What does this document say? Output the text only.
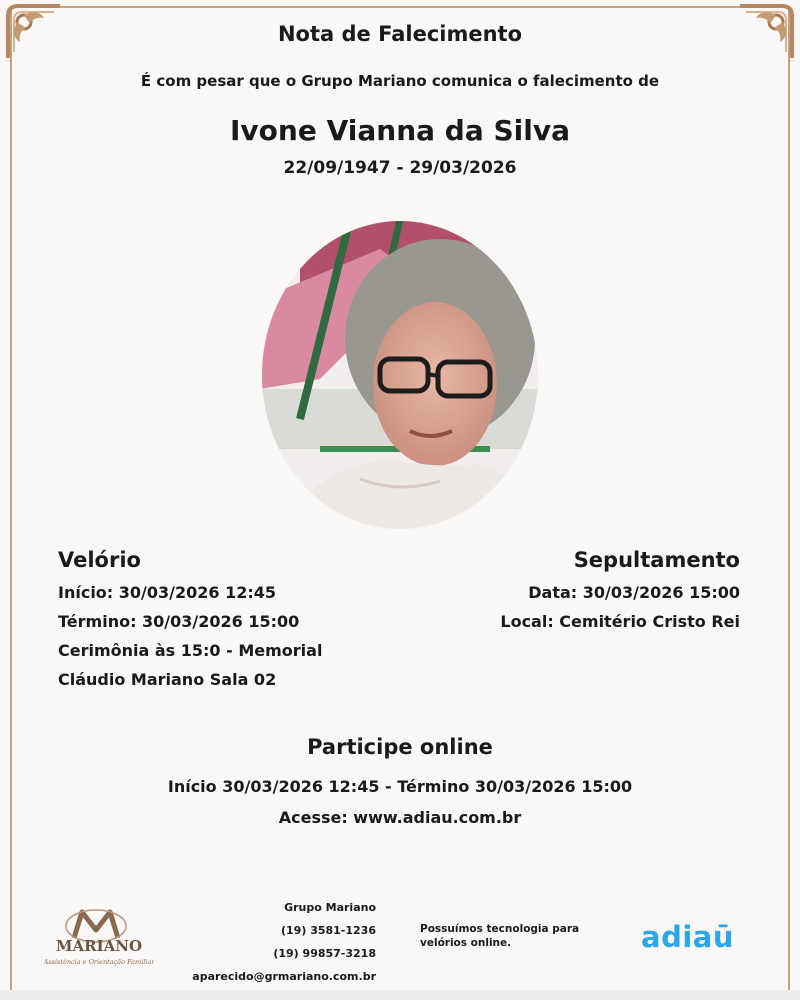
Nota de Falecimento
É com pesar que o Grupo Mariano comunica o falecimento de
Ivone Vianna da Silva
22/09/1947 - 29/03/2026
Velório
Início: 30/03/2026 12:45
Término: 30/03/2026 15:00
Cerimônia às 15:0 - Memorial
Cláudio Mariano Sala 02
Sepultamento
Data: 30/03/2026 15:00
Local: Cemitério Cristo Rei
Participe online
Início 30/03/2026 12:45 - Término 30/03/2026 15:00
Acesse: www.adiau.com.br
MARIANO
Assistência e Orientação Familiar
Grupo Mariano
(19) 3581-1236
(19) 99857-3218
aparecido@grmariano.com.br
Possuímos tecnologia para velórios online.	adiaū
